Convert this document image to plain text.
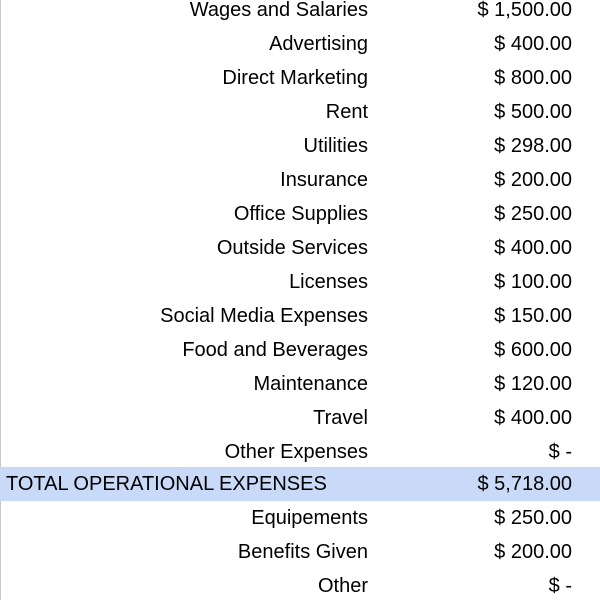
Wages and Salaries	$ 1,500.00
Advertising	$ 400.00
Direct Marketing	$ 800.00
Rent	$ 500.00
Utilities	$ 298.00
Insurance	$ 200.00
Office Supplies	$ 250.00
Outside Services	$ 400.00
Licenses	$ 100.00
Social Media Expenses	$ 150.00
Food and Beverages	$ 600.00
Maintenance	$ 120.00
Travel	$ 400.00
Other Expenses	$ -
TOTAL OPERATIONAL EXPENSES	$ 5,718.00
Equipements	$ 250.00
Benefits Given	$ 200.00
Other	$ -
